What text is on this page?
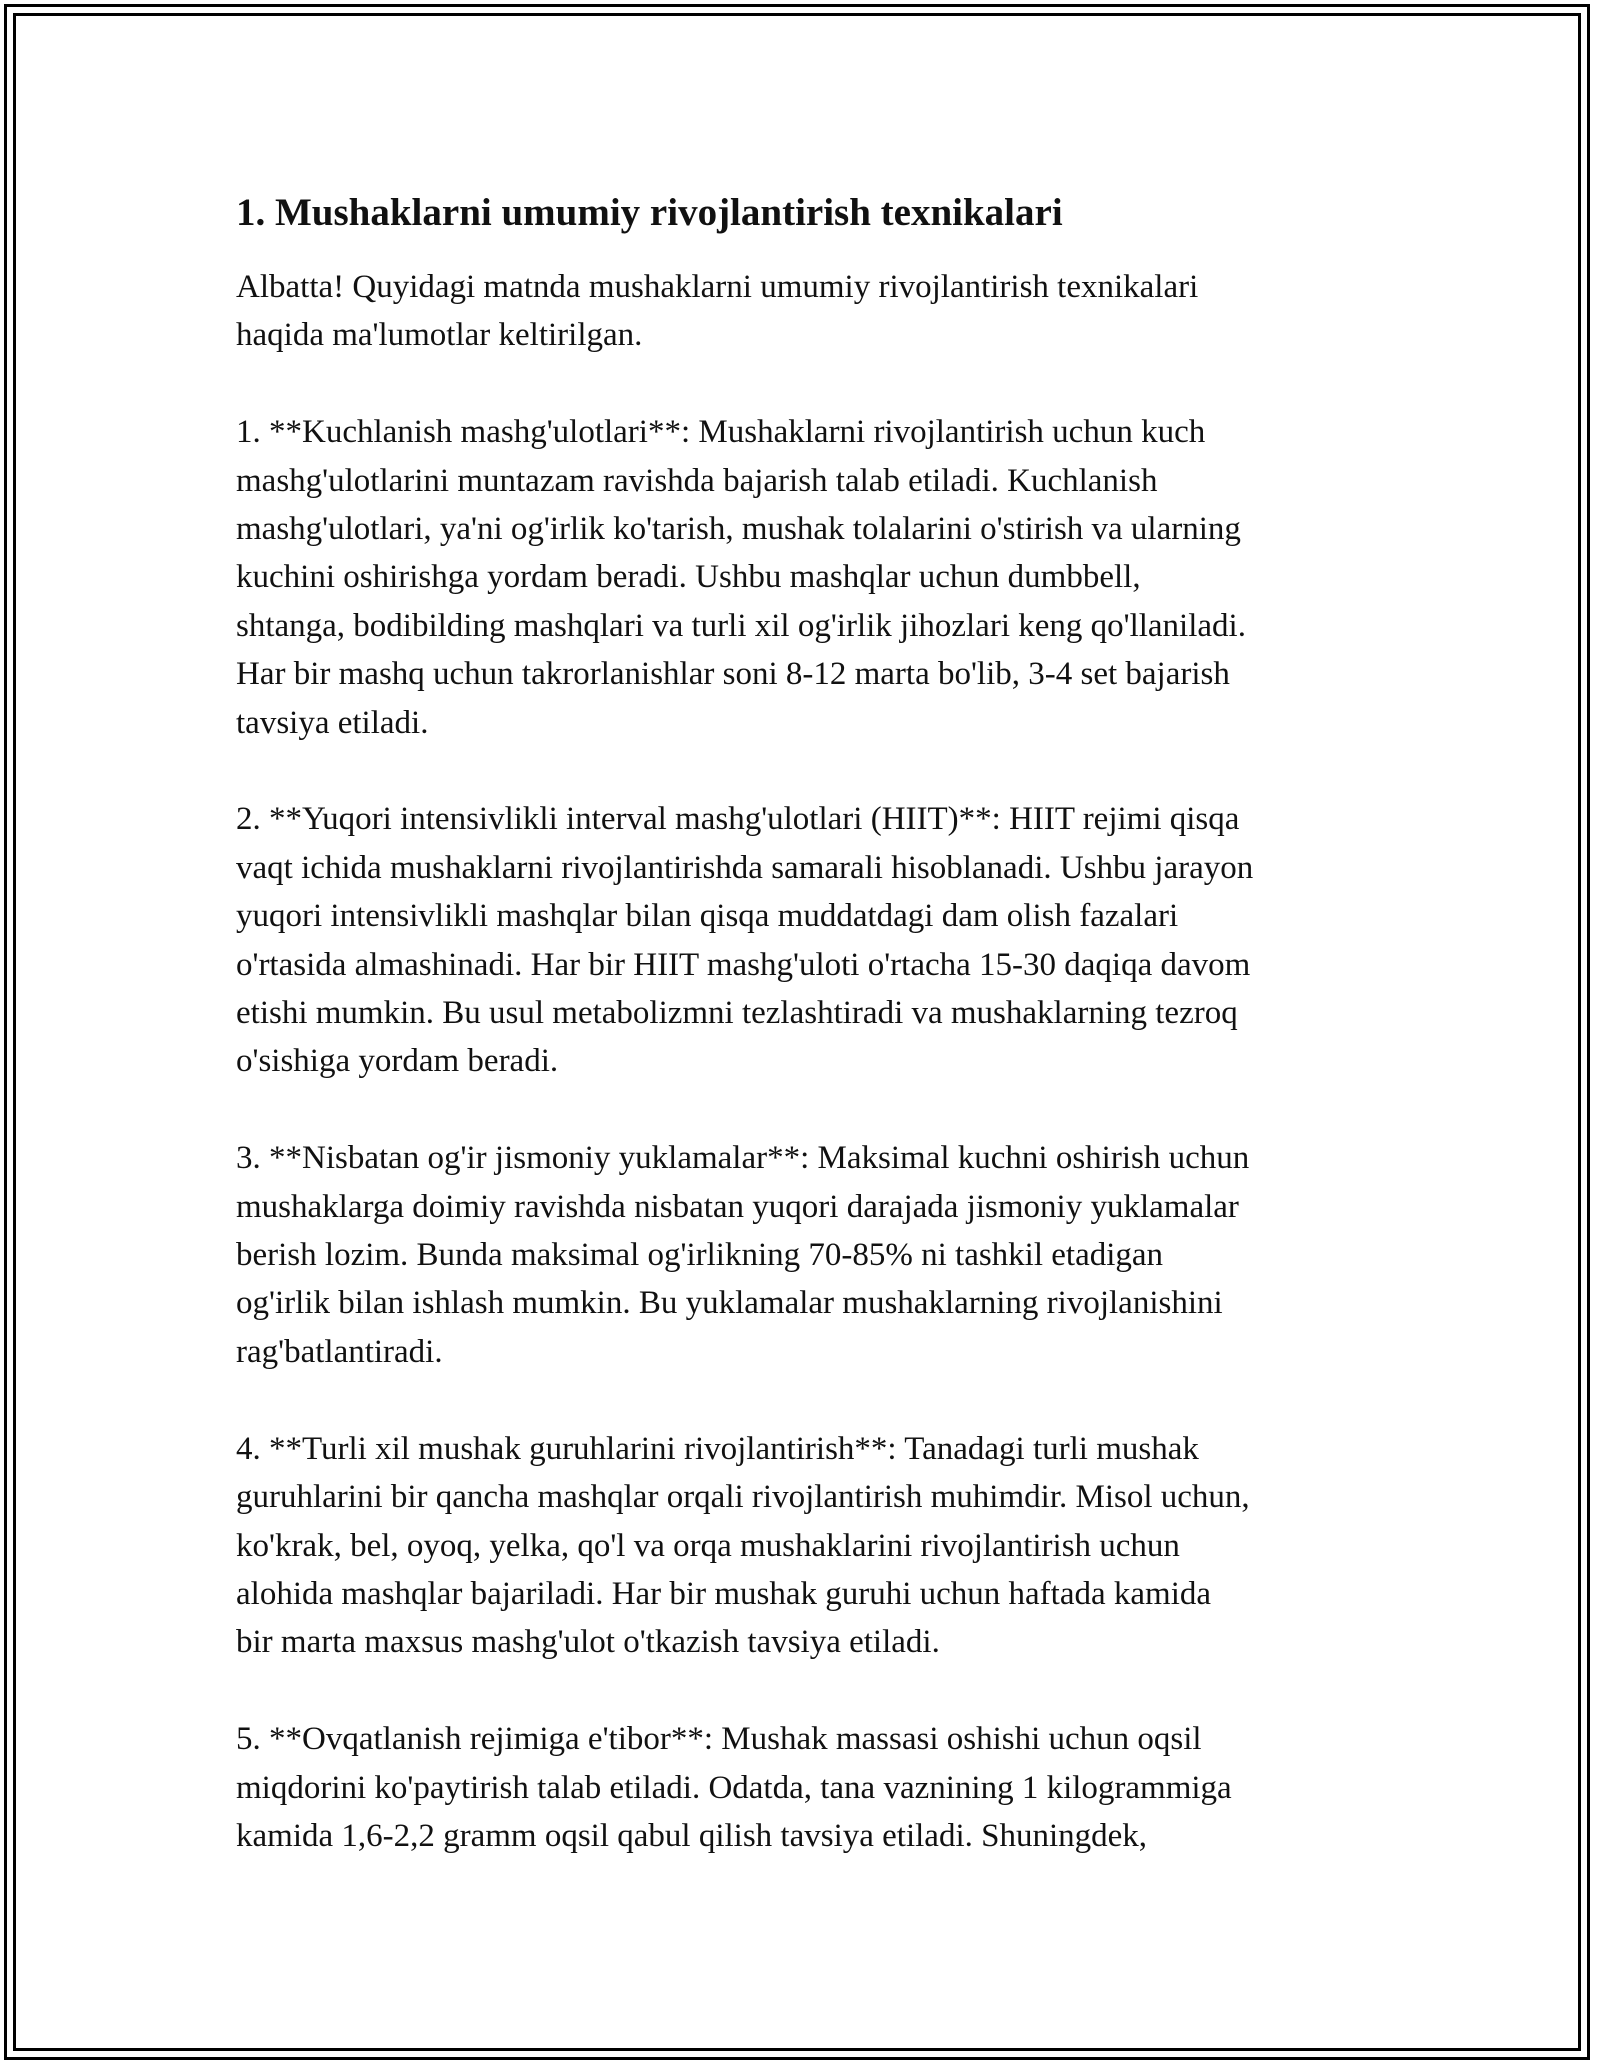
1. Mushaklarni umumiy rivojlantirish texnikalari
Albatta! Quyidagi matnda mushaklarni umumiy rivojlantirish texnikalari
haqida ma'lumotlar keltirilgan.
1. **Kuchlanish mashg'ulotlari**: Mushaklarni rivojlantirish uchun kuch
mashg'ulotlarini muntazam ravishda bajarish talab etiladi. Kuchlanish
mashg'ulotlari, ya'ni og'irlik ko'tarish, mushak tolalarini o'stirish va ularning
kuchini oshirishga yordam beradi. Ushbu mashqlar uchun dumbbell,
shtanga, bodibilding mashqlari va turli xil og'irlik jihozlari keng qo'llaniladi.
Har bir mashq uchun takrorlanishlar soni 8-12 marta bo'lib, 3-4 set bajarish
tavsiya etiladi.
2. **Yuqori intensivlikli interval mashg'ulotlari (HIIT)**: HIIT rejimi qisqa
vaqt ichida mushaklarni rivojlantirishda samarali hisoblanadi. Ushbu jarayon
yuqori intensivlikli mashqlar bilan qisqa muddatdagi dam olish fazalari
o'rtasida almashinadi. Har bir HIIT mashg'uloti o'rtacha 15-30 daqiqa davom
etishi mumkin. Bu usul metabolizmni tezlashtiradi va mushaklarning tezroq
o'sishiga yordam beradi.
3. **Nisbatan og'ir jismoniy yuklamalar**: Maksimal kuchni oshirish uchun
mushaklarga doimiy ravishda nisbatan yuqori darajada jismoniy yuklamalar
berish lozim. Bunda maksimal og'irlikning 70-85% ni tashkil etadigan
og'irlik bilan ishlash mumkin. Bu yuklamalar mushaklarning rivojlanishini
rag'batlantiradi.
4. **Turli xil mushak guruhlarini rivojlantirish**: Tanadagi turli mushak
guruhlarini bir qancha mashqlar orqali rivojlantirish muhimdir. Misol uchun,
ko'krak, bel, oyoq, yelka, qo'l va orqa mushaklarini rivojlantirish uchun
alohida mashqlar bajariladi. Har bir mushak guruhi uchun haftada kamida
bir marta maxsus mashg'ulot o'tkazish tavsiya etiladi.
5. **Ovqatlanish rejimiga e'tibor**: Mushak massasi oshishi uchun oqsil
miqdorini ko'paytirish talab etiladi. Odatda, tana vaznining 1 kilogrammiga
kamida 1,6-2,2 gramm oqsil qabul qilish tavsiya etiladi. Shuningdek,
